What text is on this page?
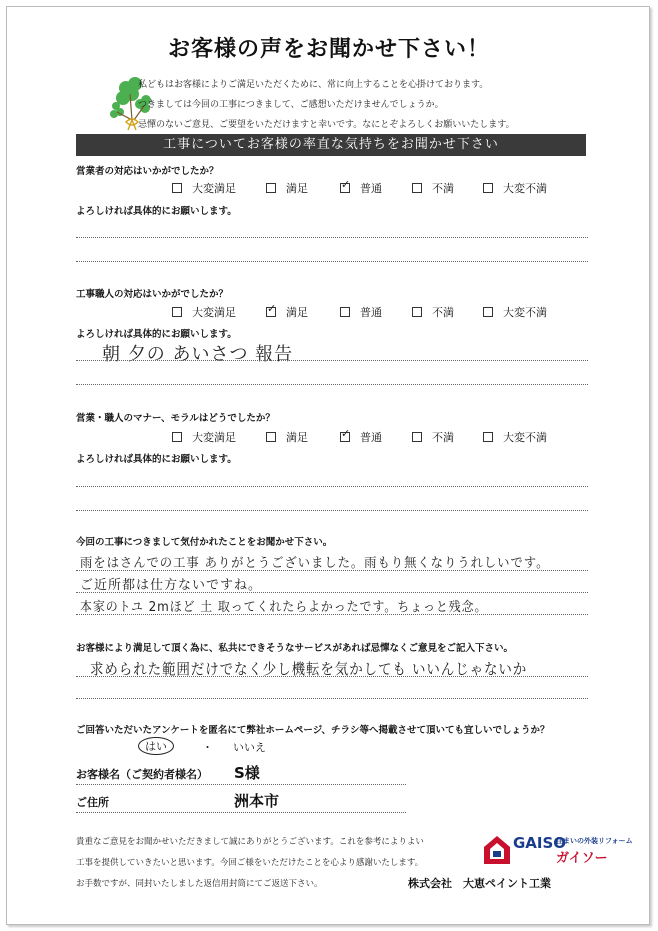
お客様の声をお聞かせ下さい！
私どもはお客様によりご満足いただくために、常に向上することを心掛けております。
つきましては今回の工事につきまして、ご感想いただけませんでしょうか。
忌憚のないご意見、ご要望をいただけますと幸いです。なにとぞよろしくお願いいたします。
工事についてお客様の率直な気持ちをお聞かせ下さい
営業者の対応はいかがでしたか？
大変満足	満足 ✓	普通	不満	大変不満
よろしければ具体的にお願いします。
工事職人の対応はいかがでしたか？
大変満足 ✓	満足	普通	不満	大変不満
よろしければ具体的にお願いします。
朝 夕の あいさつ 報告
営業・職人のマナー、モラルはどうでしたか？
大変満足	満足 ✓	普通	不満	大変不満
よろしければ具体的にお願いします。
今回の工事につきまして気付かれたことをお聞かせ下さい。
雨をはさんでの工事 ありがとうございました。雨もり無くなりうれしいです。
ご近所都は仕方ないですね。
本家のトユ 2mほど 土 取ってくれたらよかったです。ちょっと残念。
お客様により満足して頂く為に、私共にできそうなサービスがあれば忌憚なくご意見をご記入下さい。
求められた範囲だけでなく少し機転を気かしても いいんじゃないか
ご回答いただいたアンケートを匿名にて弊社ホームページ、チラシ等へ掲載させて頂いても宜しいでしょうか？
はい	・ いいえ
お客様名（ご契約者様名） S様
ご住所	洲本市
貴重なご意見をお聞かせいただきまして誠にありがとうございます。これを参考によりよい
工事を提供していきたいと思います。今回ご様をいただけたことを心より感謝いたします。
お手数ですが、同封いたしました返信用封筒にてご返送下さい。
GAISO
住まいの外装リフォーム
ガイソー
株式会社　大恵ペイント工業
